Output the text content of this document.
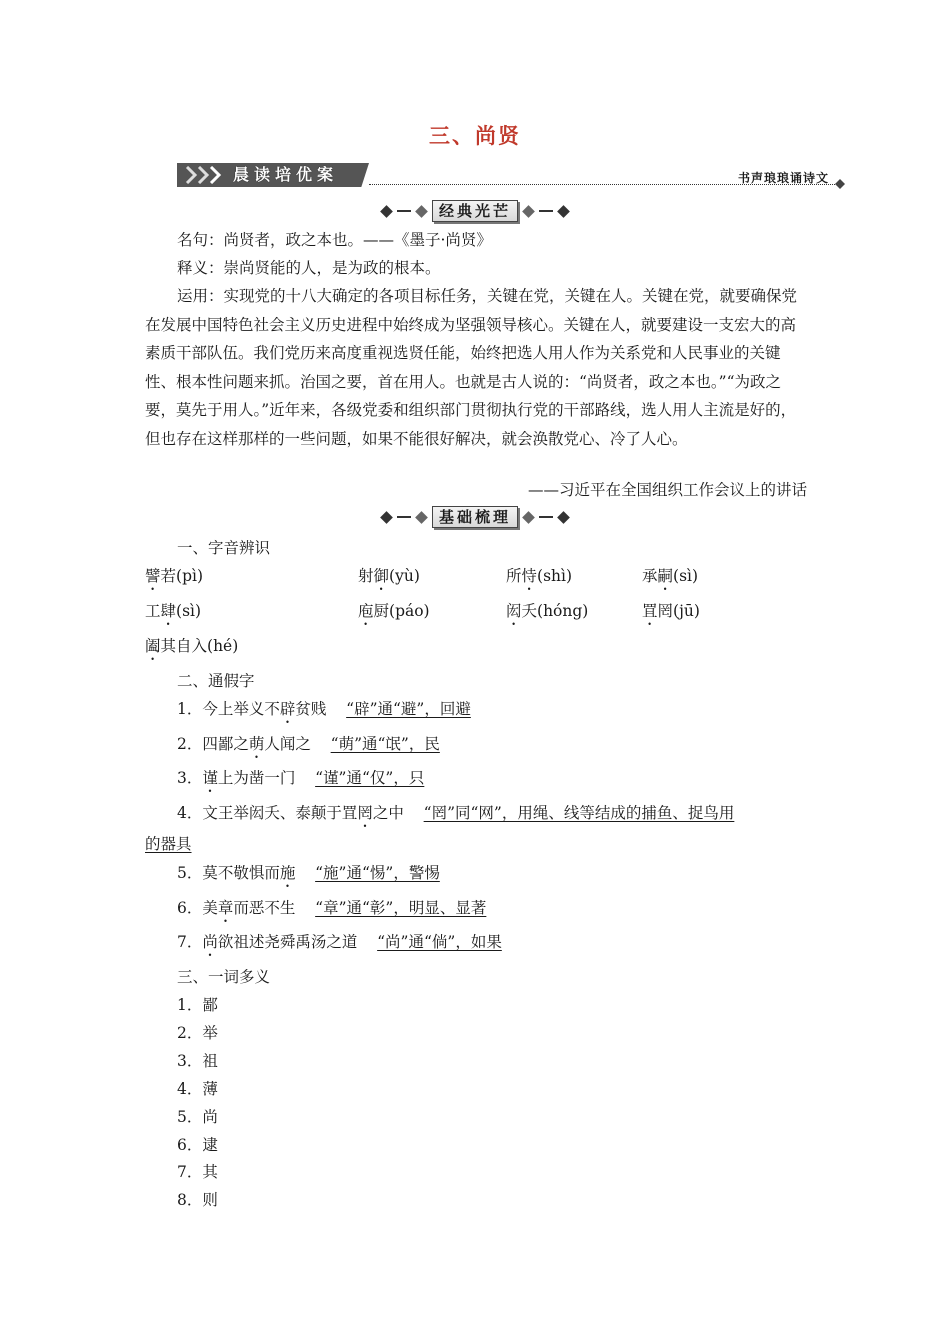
三、尚贤
晨读培优案	书声琅琅诵诗文
经典光芒
名句：尚贤者，政之本也。——《墨子·尚贤》
释义：崇尚贤能的人，是为政的根本。
运用：实现党的十八大确定的各项目标任务，关键在党，关键在人。关键在党，就要确保党在发展中国特色社会主义历史进程中始终成为坚强领导核心。关键在人，就要建设一支宏大的高素质干部队伍。我们党历来高度重视选贤任能，始终把选人用人作为关系党和人民事业的关键性、根本性问题来抓。治国之要，首在用人。也就是古人说的：“尚贤者，政之本也。”“为政之要，莫先于用人。”近年来，各级党委和组织部门贯彻执行党的干部路线，选人用人主流是好的，但也存在这样那样的一些问题，如果不能很好解决，就会涣散党心、冷了人心。
——习近平在全国组织工作会议上的讲话
基础梳理
一、字音辨识
譬若(pì)	射御(yù)	所恃(shì)	承嗣(sì)
工肆(sì)	庖厨(páo)	闳夭(hóng)	罝罔(jū)
阖其自入(hé)
二、通假字
1．今上举义不辟贫贱 “辟”通“避”，回避
2．四鄙之萌人闻之 “萌”通“氓”，民
3．谨上为凿一门 “谨”通“仅”，只
4．文王举闳夭、泰颠于罝罔之中 “罔”同“网”，用绳、线等结成的捕鱼、捉鸟用
的器具
5．莫不敬惧而施 “施”通“惕”，警惕
6．美章而恶不生 “章”通“彰”，明显、显著
7．尚欲祖述尧舜禹汤之道 “尚”通“倘”，如果
三、一词多义
1．鄙
2．举
3．祖
4．薄
5．尚
6．逮
7．其
8．则
